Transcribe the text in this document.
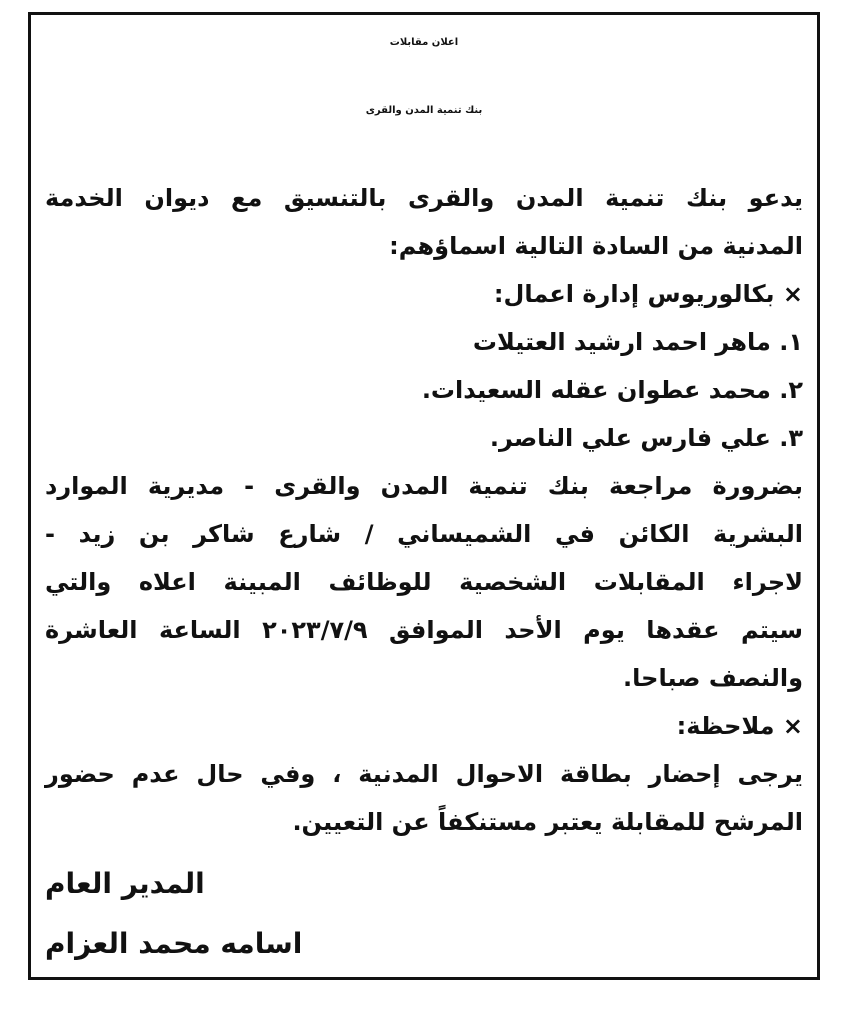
اعلان مقابلات
بنك تنمية المدن والقرى
يدعو بنك تنمية المدن والقرى بالتنسيق مع ديوان الخدمة
المدنية من السادة التالية اسماؤهم:
× بكالوريوس إدارة اعمال:
١. ماهر احمد ارشيد العتيلات
٢. محمد عطوان عقله السعيدات.
٣. علي فارس علي الناصر.
بضرورة مراجعة بنك تنمية المدن والقرى - مديرية الموارد
البشرية الكائن في الشميساني / شارع شاكر بن زيد -
لاجراء المقابلات الشخصية للوظائف المبينة اعلاه والتي
سيتم عقدها يوم الأحد الموافق ٢٠٢٣/٧/٩ الساعة العاشرة
والنصف صباحا.
× ملاحظة:
يرجى إحضار بطاقة الاحوال المدنية ، وفي حال عدم حضور
المرشح للمقابلة يعتبر مستنكفاً عن التعيين.
المدير العام
اسامه محمد العزام
